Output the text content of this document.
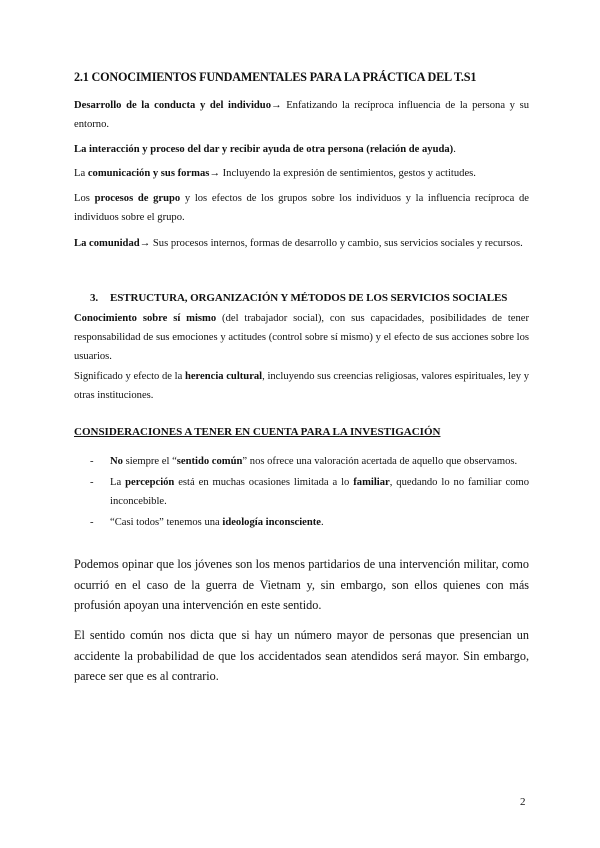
2.1 CONOCIMIENTOS FUNDAMENTALES PARA LA PRÁCTICA DEL T.S1
Desarrollo de la conducta y del individuo→ Enfatizando la recíproca influencia de la persona y su entorno.
La interacción y proceso del dar y recibir ayuda de otra persona (relación de ayuda).
La comunicación y sus formas→ Incluyendo la expresión de sentimientos, gestos y actitudes.
Los procesos de grupo y los efectos de los grupos sobre los individuos y la influencia recíproca de individuos sobre el grupo.
La comunidad→ Sus procesos internos, formas de desarrollo y cambio, sus servicios sociales y recursos.
3. ESTRUCTURA, ORGANIZACIÓN Y MÉTODOS DE LOS SERVICIOS SOCIALES
Conocimiento sobre sí mismo (del trabajador social), con sus capacidades, posibilidades de tener responsabilidad de sus emociones y actitudes (control sobre sí mismo) y el efecto de sus acciones sobre los usuarios.
Significado y efecto de la herencia cultural, incluyendo sus creencias religiosas, valores espirituales, ley y otras instituciones.
CONSIDERACIONES A TENER EN CUENTA PARA LA INVESTIGACIÓN
- No siempre el “sentido común” nos ofrece una valoración acertada de aquello que observamos.
- La percepción está en muchas ocasiones limitada a lo familiar, quedando lo no familiar como inconcebible.
- “Casi todos” tenemos una ideología inconsciente.
Podemos opinar que los jóvenes son los menos partidarios de una intervención militar, como ocurrió en el caso de la guerra de Vietnam y, sin embargo, son ellos quienes con más profusión apoyan una intervención en este sentido.
El sentido común nos dicta que si hay un número mayor de personas que presencian un accidente la probabilidad de que los accidentados sean atendidos será mayor. Sin embargo, parece ser que es al contrario.
2
